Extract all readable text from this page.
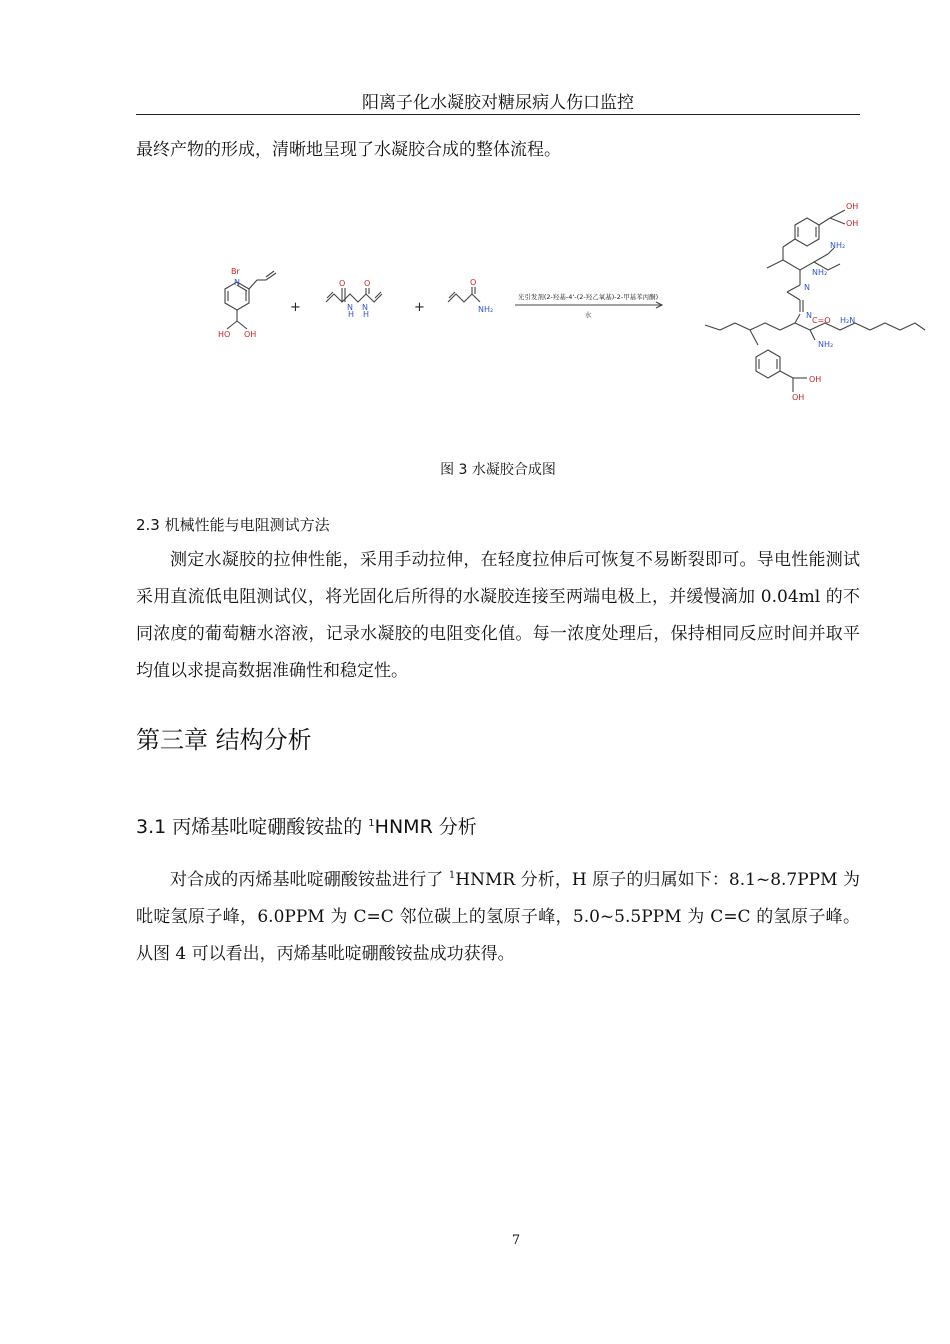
阳离子化水凝胶对糖尿病人伤口监控
最终产物的形成，清晰地呈现了水凝胶合成的整体流程。
Br
N
HO OH
O O
N
H
N
H
O
NH₂
OH
OH
NH₂
NH₂
N
N
C=O H₂N
NH₂
OH
OH
+	+
光引发剂(2-羟基-4‘-(2-羟乙氧基)-2-甲基苯丙酮)
水
图 3 水凝胶合成图
2.3 机械性能与电阻测试方法
测定水凝胶的拉伸性能，采用手动拉伸，在轻度拉伸后可恢复不易断裂即可。导电性能测试采用直流低电阻测试仪，将光固化后所得的水凝胶连接至两端电极上，并缓慢滴加 0.04ml 的不同浓度的葡萄糖水溶液，记录水凝胶的电阻变化值。每一浓度处理后，保持相同反应时间并取平均值以求提高数据准确性和稳定性。
第三章 结构分析
3.1 丙烯基吡啶硼酸铵盐的 $^1$HNMR 分析
对合成的丙烯基吡啶硼酸铵盐进行了 $^1$HNMR 分析，H 原子的归属如下：8.1~8.7PPM 为吡啶氢原子峰，6.0PPM 为 C=C 邻位碳上的氢原子峰，5.0~5.5PPM 为 C=C 的氢原子峰。从图 4 可以看出，丙烯基吡啶硼酸铵盐成功获得。
7
